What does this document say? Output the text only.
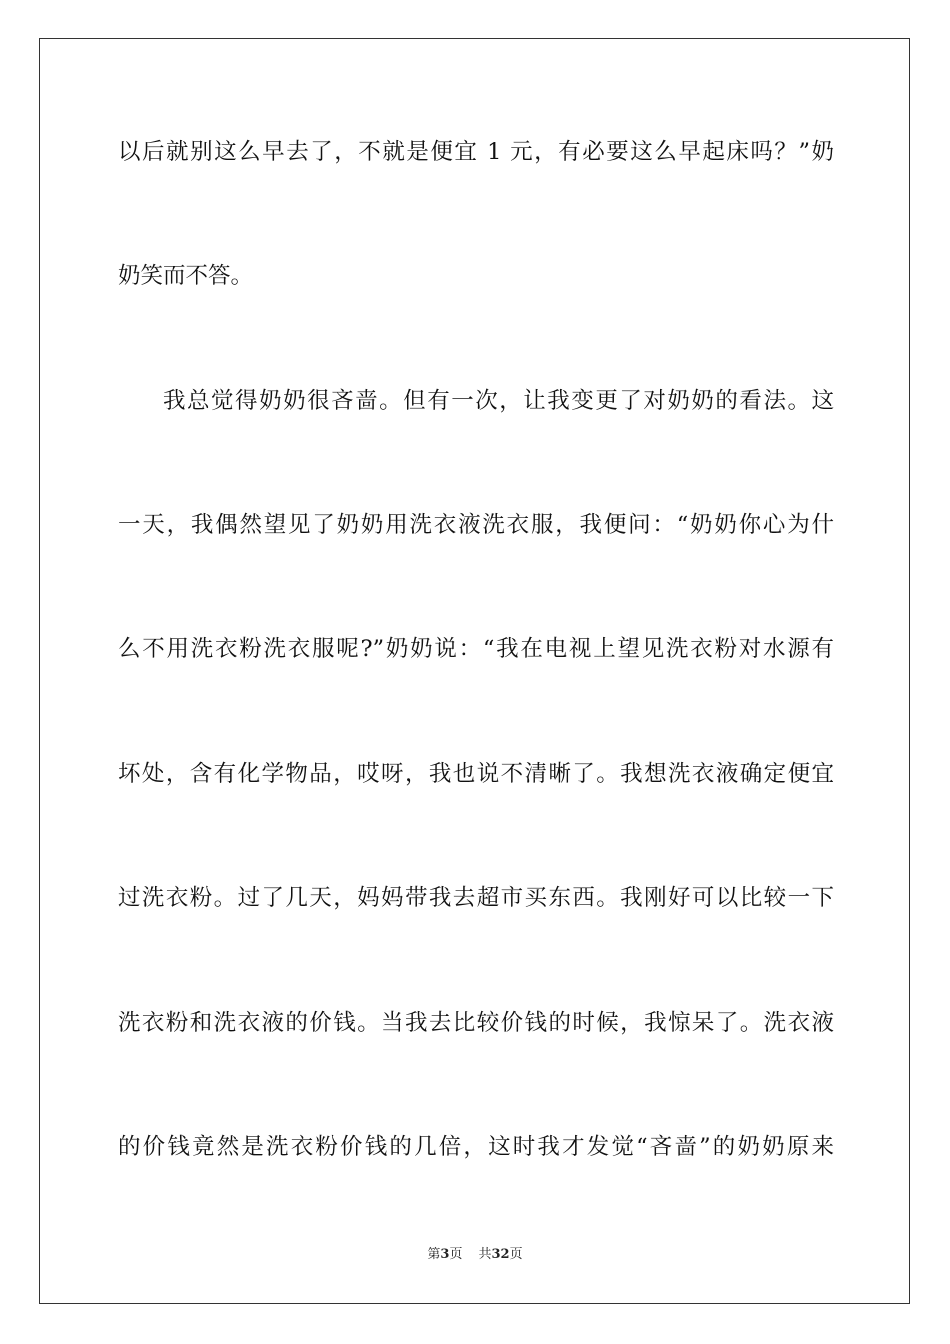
以后就别这么早去了，不就是便宜 1 元，有必要这么早起床吗？”奶

奶笑而不答。

我总觉得奶奶很吝啬。但有一次，让我变更了对奶奶的看法。这

一天，我偶然望见了奶奶用洗衣液洗衣服，我便问：“奶奶你心为什

么不用洗衣粉洗衣服呢?”奶奶说：“我在电视上望见洗衣粉对水源有

坏处，含有化学物品，哎呀，我也说不清晰了。我想洗衣液确定便宜

过洗衣粉。过了几天，妈妈带我去超市买东西。我刚好可以比较一下

洗衣粉和洗衣液的价钱。当我去比较价钱的时候，我惊呆了。洗衣液

的价钱竟然是洗衣粉价钱的几倍，这时我才发觉“吝啬”的奶奶原来

第3页 共32页
